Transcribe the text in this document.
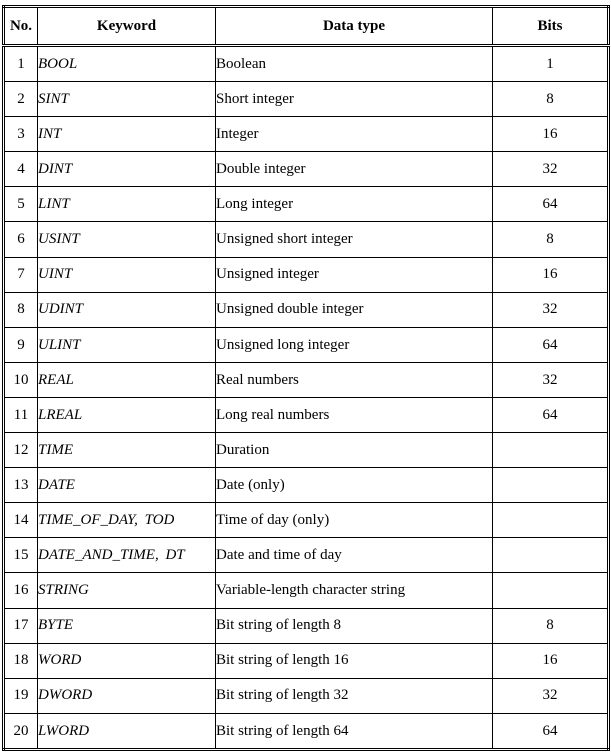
No.	Keyword	Data type	Bits
1	BOOL	Boolean	1
2	SINT	Short integer	8
3	INT	Integer	16
4	DINT	Double integer	32
5	LINT	Long integer	64
6	USINT	Unsigned short integer	8
7	UINT	Unsigned integer	16
8	UDINT	Unsigned double integer	32
9	ULINT	Unsigned long integer	64
10	REAL	Real numbers	32
11	LREAL	Long real numbers	64
12	TIME	Duration	
13	DATE	Date (only)	
14	TIME_OF_DAY, TOD	Time of day (only)	
15	DATE_AND_TIME, DT	Date and time of day	
16	STRING	Variable-length character string	
17	BYTE	Bit string of length 8	8
18	WORD	Bit string of length 16	16
19	DWORD	Bit string of length 32	32
20	LWORD	Bit string of length 64	64
